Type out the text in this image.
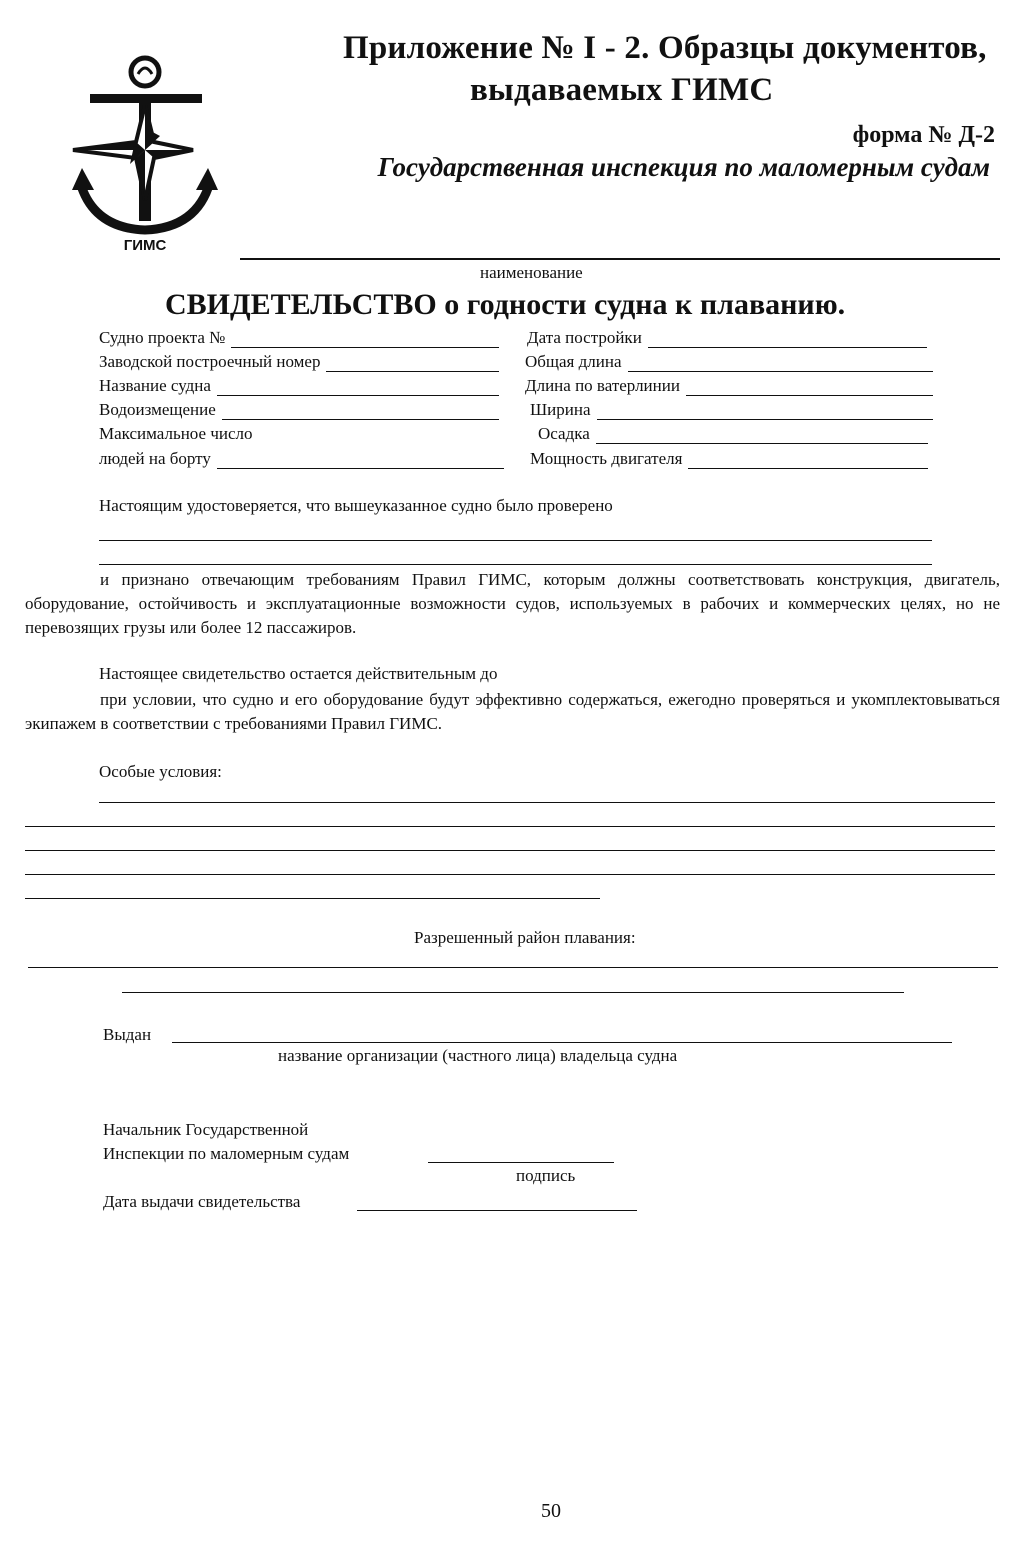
ГИМС
Приложение № I - 2. Образцы документов,
выдаваемых ГИМС
форма № Д-2
Государственная инспекция по маломерным судам
наименование
СВИДЕТЕЛЬСТВО о годности судна к плаванию.
Судно проекта №
Заводской построечный номер
Название судна
Водоизмещение
Максимальное число
людей на борту
Дата постройки
Общая длина
Длина по ватерлинии
Ширина
Осадка
Мощность двигателя
Настоящим удостоверяется, что вышеуказанное судно было проверено
и признано отвечающим требованиям Правил ГИМС, которым должны соответствовать конструкция, двигатель, оборудование, остойчивость и эксплуатационные возможности судов, используемых в рабочих и коммерческих целях, но не перевозящих грузы или более 12 пассажиров.
Настоящее свидетельство остается действительным до
при условии, что судно и его оборудование будут эффективно содержаться, ежегодно проверяться и укомплектовываться экипажем в соответствии с требованиями Правил ГИМС.
Особые условия:
Разрешенный район плавания:
Выдан
название организации (частного лица) владельца судна
Начальник Государственной
Инспекции по маломерным судам
подпись
Дата выдачи свидетельства
50
